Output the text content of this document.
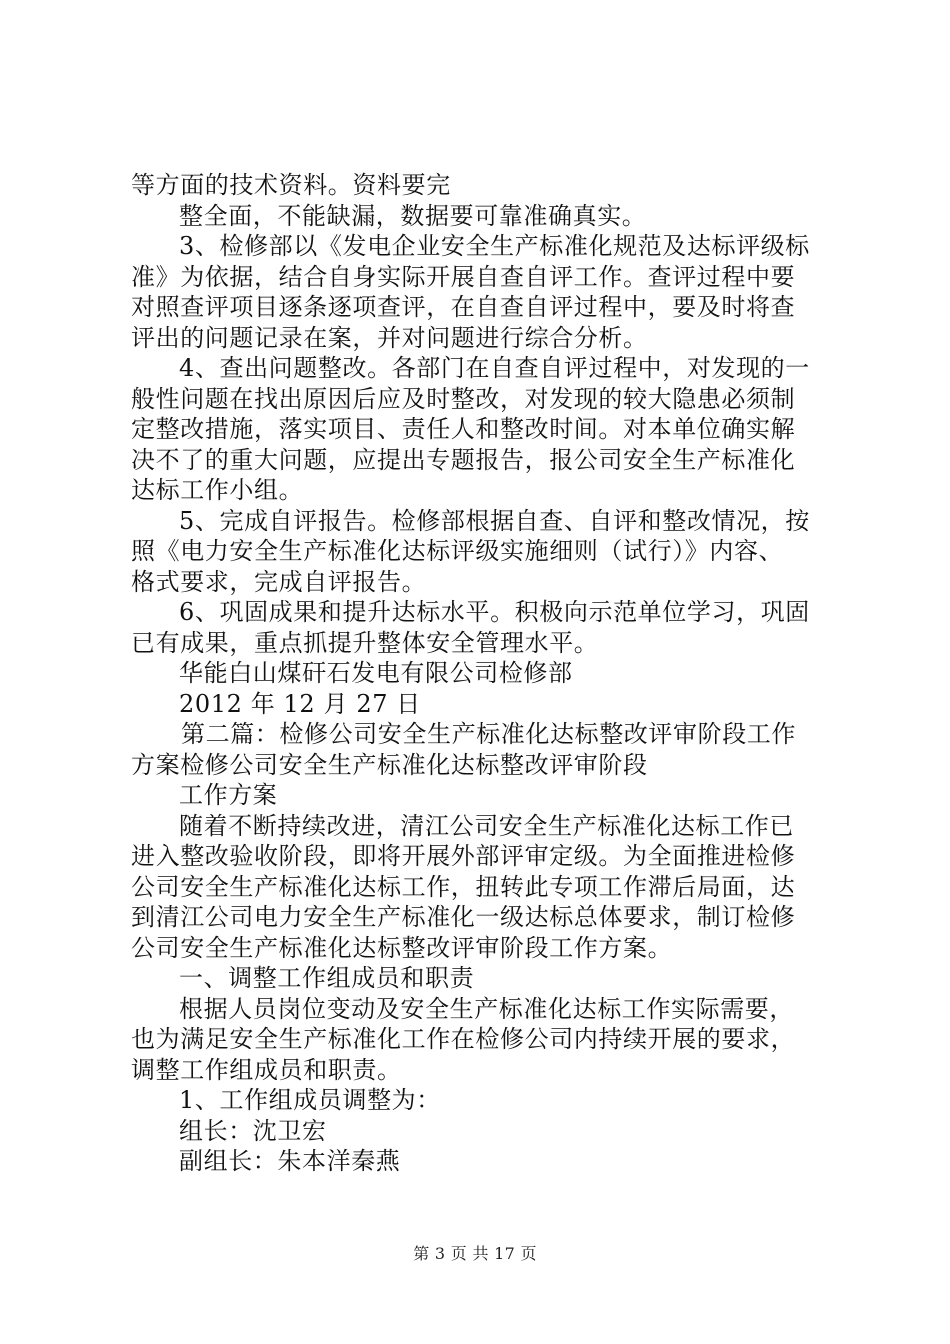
等方面的技术资料。资料要完
整全面，不能缺漏，数据要可靠准确真实。
3、检修部以《发电企业安全生产标准化规范及达标评级标
准》为依据，结合自身实际开展自查自评工作。查评过程中要
对照查评项目逐条逐项查评，在自查自评过程中，要及时将查
评出的问题记录在案，并对问题进行综合分析。
4、查出问题整改。各部门在自查自评过程中，对发现的一
般性问题在找出原因后应及时整改，对发现的较大隐患必须制
定整改措施，落实项目、责任人和整改时间。对本单位确实解
决不了的重大问题，应提出专题报告，报公司安全生产标准化
达标工作小组。
5、完成自评报告。检修部根据自查、自评和整改情况，按
照《电力安全生产标准化达标评级实施细则（试行）》内容、
格式要求，完成自评报告。
6、巩固成果和提升达标水平。积极向示范单位学习，巩固
已有成果，重点抓提升整体安全管理水平。
华能白山煤矸石发电有限公司检修部
2012 年 12 月 27 日
第二篇：检修公司安全生产标准化达标整改评审阶段工作
方案检修公司安全生产标准化达标整改评审阶段
工作方案
随着不断持续改进，清江公司安全生产标准化达标工作已
进入整改验收阶段，即将开展外部评审定级。为全面推进检修
公司安全生产标准化达标工作，扭转此专项工作滞后局面，达
到清江公司电力安全生产标准化一级达标总体要求，制订检修
公司安全生产标准化达标整改评审阶段工作方案。
一、调整工作组成员和职责
根据人员岗位变动及安全生产标准化达标工作实际需要，
也为满足安全生产标准化工作在检修公司内持续开展的要求，
调整工作组成员和职责。
1、工作组成员调整为：
组长：沈卫宏
副组长：朱本洋秦燕
第 3 页 共 17 页
